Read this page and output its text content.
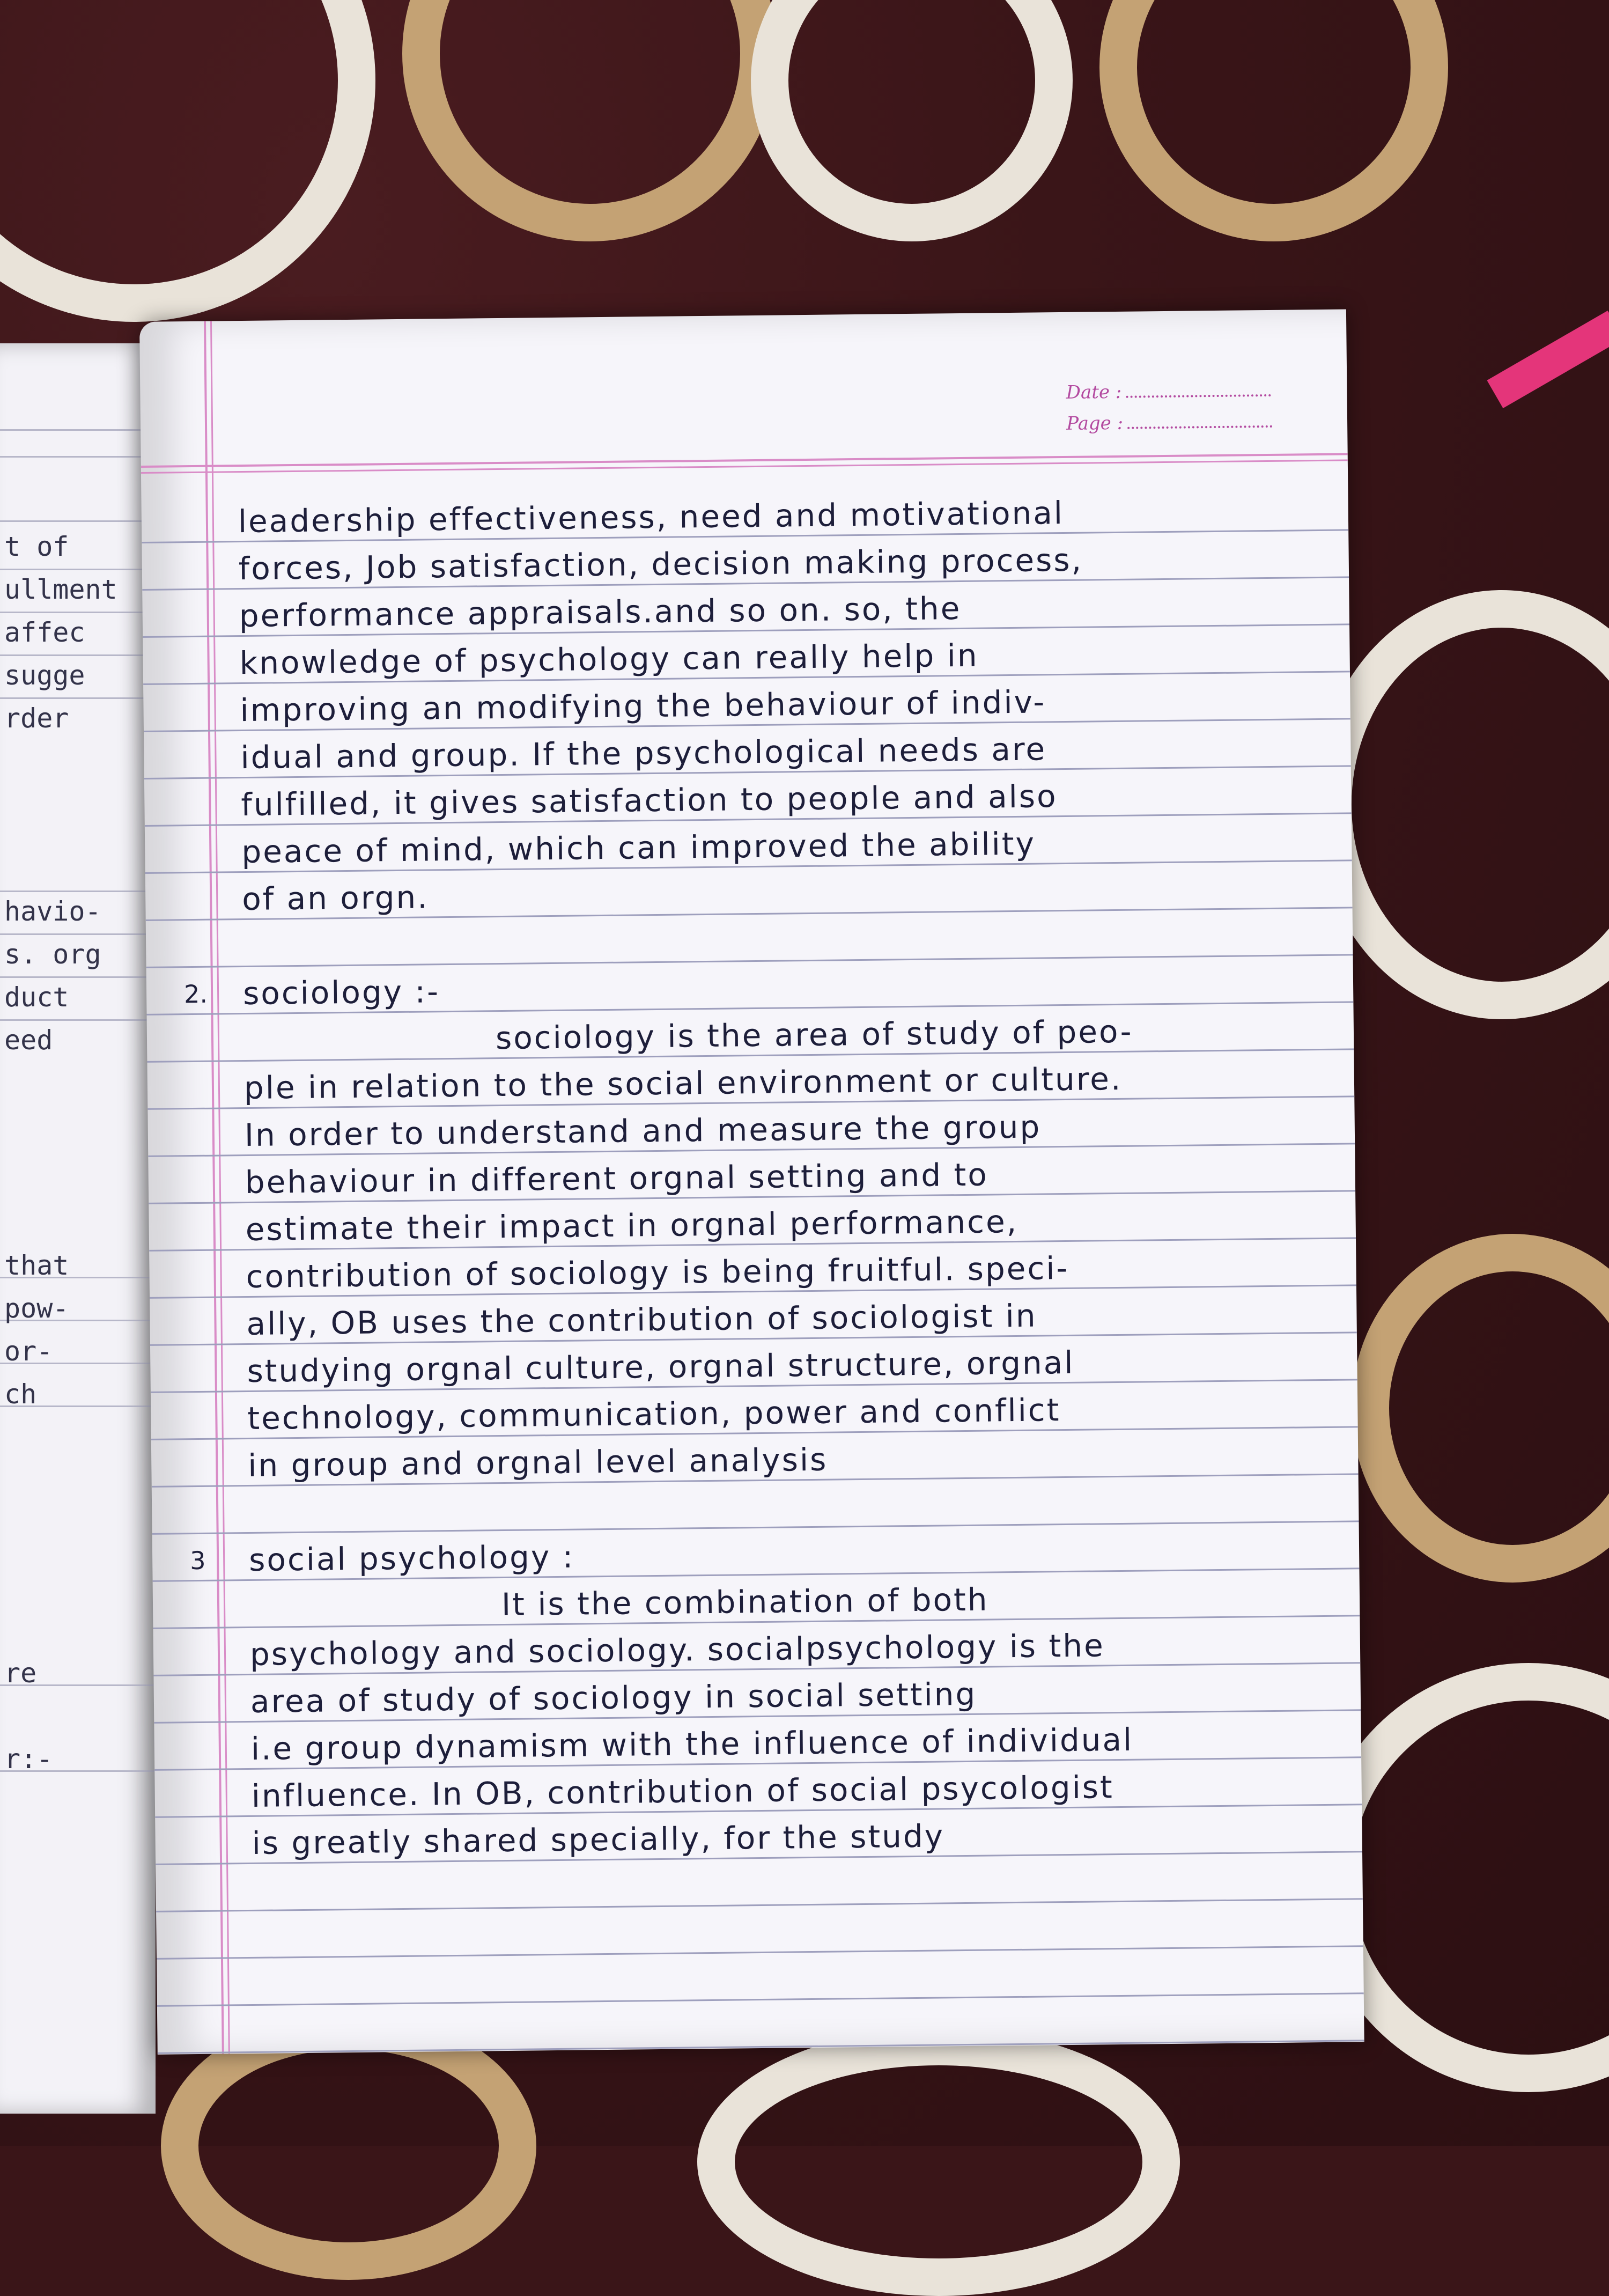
t of
ullment
affec
sugge
rder
havio-
s. org
duct
eed
that
pow-
or-
ch
re
r:-
Date :
Page :
leadership effectiveness, need and motivational
forces, Job satisfaction, decision making process,
performance appraisals.and so on. so, the
knowledge of psychology can really help in
improving an modifying the behaviour of indiv-
idual and group. If the psychological needs are
fulfilled, it gives satisfaction to people and also
peace of mind, which can improved the ability
of an orgn.
2. sociology :-
sociology is the area of study of peo-
ple in relation to the social environment or culture.
In order to understand and measure the group
behaviour in different orgnal setting and to
estimate their impact in orgnal performance,
contribution of sociology is being fruitful. speci-
ally, OB uses the contribution of sociologist in
studying orgnal culture, orgnal structure, orgnal
technology, communication, power and conflict
in group and orgnal level analysis
3 social psychology :
It is the combination of both
psychology and sociology. socialpsychology is the
area of study of sociology in social setting
i.e group dynamism with the influence of individual
influence. In OB, contribution of social psycologist
is greatly shared specially, for the study
